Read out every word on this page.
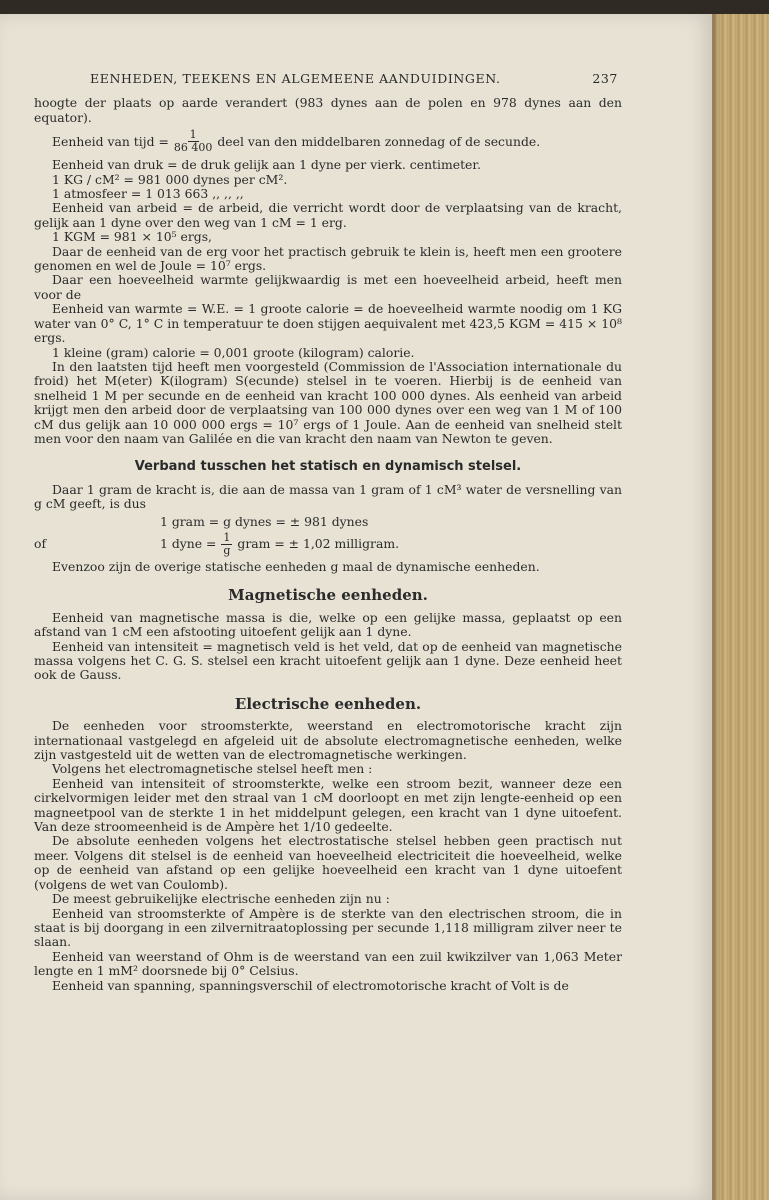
EENHEDEN, TEEKENS EN ALGEMEENE AANDUIDINGEN.	237

hoogte der plaats op aarde verandert (983 dynes aan de polen en 978 dynes aan den equator).

Eenheid van tijd = $\frac{1}{86 400}$ deel van den middelbaren zonnedag of de secunde.

Eenheid van druk = de druk gelijk aan 1 dyne per vierk. centimeter.

1 KG / cM² = 981 000 dynes per cM².

1 atmosfeer = 1 013 663 ,, ,, ,,

Eenheid van arbeid = de arbeid, die verricht wordt door de verplaatsing van de kracht, gelijk aan 1 dyne over den weg van 1 cM = 1 erg.

1 KGM = 981 × 10⁵ ergs,

Daar de eenheid van de erg voor het practisch gebruik te klein is, heeft men een grootere genomen en wel de Joule = 10⁷ ergs.

Daar een hoeveelheid warmte gelijkwaardig is met een hoeveelheid arbeid, heeft men voor de

Eenheid van warmte = W.E. = 1 groote calorie = de hoeveelheid warmte noodig om 1 KG water van 0° C, 1° C in temperatuur te doen stijgen aequivalent met 423,5 KGM = 415 × 10⁸ ergs.

1 kleine (gram) calorie = 0,001 groote (kilogram) calorie.

In den laatsten tijd heeft men voorgesteld (Commission de l'Association internationale du froid) het M(eter) K(ilogram) S(ecunde) stelsel in te voeren. Hierbij is de eenheid van snelheid 1 M per secunde en de eenheid van kracht 100 000 dynes. Als eenheid van arbeid krijgt men den arbeid door de verplaatsing van 100 000 dynes over een weg van 1 M of 100 cM dus gelijk aan 10 000 000 ergs = 10⁷ ergs of 1 Joule. Aan de eenheid van snelheid stelt men voor den naam van Galilée en die van kracht den naam van Newton te geven.

Verband tusschen het statisch en dynamisch stelsel.

Daar 1 gram de kracht is, die aan de massa van 1 gram of 1 cM³ water de versnelling van g cM geeft, is dus

1 gram = g dynes = ± 981 dynes
of	1 dyne = $\frac{1}{g}$ gram = ± 1,02 milligram.

Evenzoo zijn de overige statische eenheden g maal de dynamische eenheden.

Magnetische eenheden.

Eenheid van magnetische massa is die, welke op een gelijke massa, geplaatst op een afstand van 1 cM een afstooting uitoefent gelijk aan 1 dyne.

Eenheid van intensiteit = magnetisch veld is het veld, dat op de eenheid van magnetische massa volgens het C. G. S. stelsel een kracht uitoefent gelijk aan 1 dyne. Deze eenheid heet ook de Gauss.

Electrische eenheden.

De eenheden voor stroomsterkte, weerstand en electromotorische kracht zijn internationaal vastgelegd en afgeleid uit de absolute electromagnetische eenheden, welke zijn vastgesteld uit de wetten van de electromagnetische werkingen.

Volgens het electromagnetische stelsel heeft men :

Eenheid van intensiteit of stroomsterkte, welke een stroom bezit, wanneer deze een cirkelvormigen leider met den straal van 1 cM doorloopt en met zijn lengte-eenheid op een magneetpool van de sterkte 1 in het middelpunt gelegen, een kracht van 1 dyne uitoefent. Van deze stroomeenheid is de Ampère het 1/10 gedeelte.

De absolute eenheden volgens het electrostatische stelsel hebben geen practisch nut meer. Volgens dit stelsel is de eenheid van hoeveelheid electriciteit die hoeveelheid, welke op de eenheid van afstand op een gelijke hoeveelheid een kracht van 1 dyne uitoefent (volgens de wet van Coulomb).

De meest gebruikelijke electrische eenheden zijn nu :

Eenheid van stroomsterkte of Ampère is de sterkte van den electrischen stroom, die in staat is bij doorgang in een zilvernitraatoplossing per secunde 1,118 milligram zilver neer te slaan.

Eenheid van weerstand of Ohm is de weerstand van een zuil kwikzilver van 1,063 Meter lengte en 1 mM² doorsnede bij 0° Celsius.

Eenheid van spanning, spanningsverschil of electromotorische kracht of Volt is de
